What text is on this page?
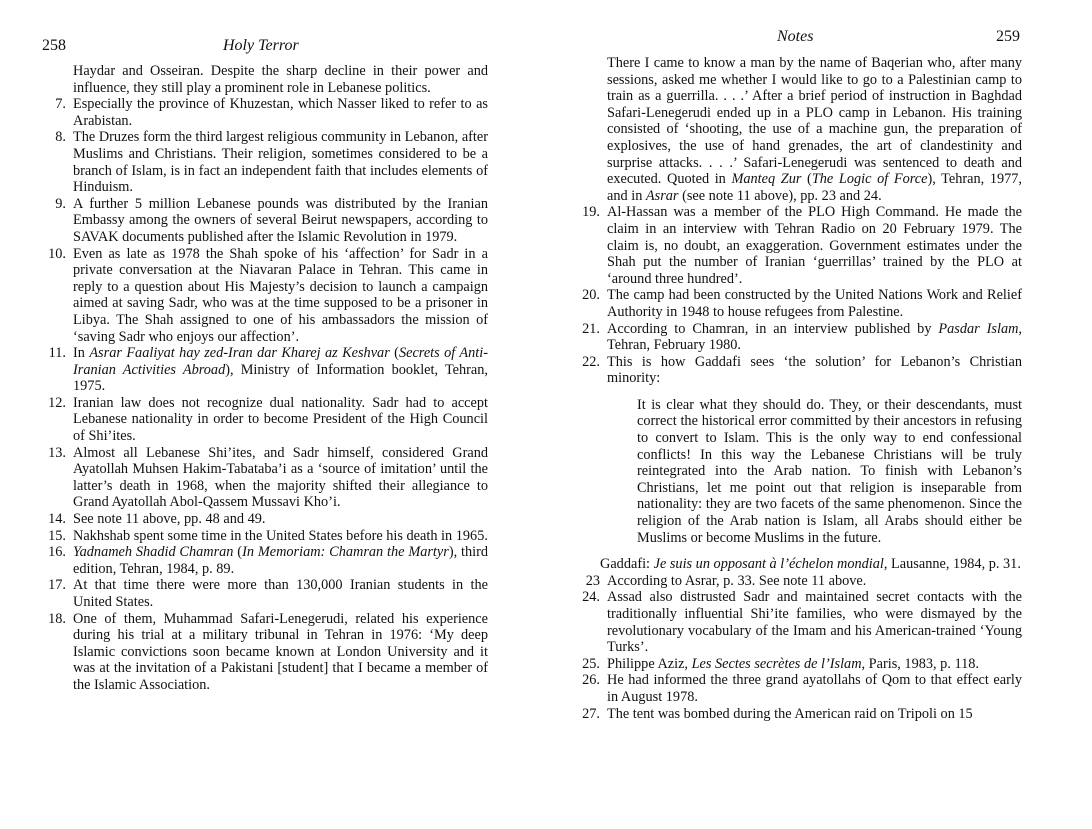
258	Holy Terror

Haydar and Osseiran. Despite the sharp decline in their power and influence, they still play a prominent role in Lebanese politics.

7. Especially the province of Khuzestan, which Nasser liked to refer to as Arabistan.

8. The Druzes form the third largest religious community in Lebanon, after Muslims and Christians. Their religion, sometimes considered to be a branch of Islam, is in fact an independent faith that includes elements of Hinduism.

9. A further 5 million Lebanese pounds was distributed by the Iranian Embassy among the owners of several Beirut newspapers, according to SAVAK documents published after the Islamic Revolution in 1979.

10. Even as late as 1978 the Shah spoke of his ‘affection’ for Sadr in a private conversation at the Niavaran Palace in Tehran. This came in reply to a question about His Majesty’s decision to launch a campaign aimed at saving Sadr, who was at the time supposed to be a prisoner in Libya. The Shah assigned to one of his ambassadors the mission of ‘saving Sadr who enjoys our affection’.

11. In Asrar Faaliyat hay zed-Iran dar Kharej az Keshvar (Secrets of Anti-Iranian Activities Abroad), Ministry of Information booklet, Tehran, 1975.

12. Iranian law does not recognize dual nationality. Sadr had to accept Lebanese nationality in order to become President of the High Council of Shi’ites.

13. Almost all Lebanese Shi’ites, and Sadr himself, considered Grand Ayatollah Muhsen Hakim-Tabataba’i as a ‘source of imitation’ until the latter’s death in 1968, when the majority shifted their allegiance to Grand Ayatollah Abol-Qassem Mussavi Kho’i.

14. See note 11 above, pp. 48 and 49.

15. Nakhshab spent some time in the United States before his death in 1965.

16. Yadnameh Shadid Chamran (In Memoriam: Chamran the Martyr), third edition, Tehran, 1984, p. 89.

17. At that time there were more than 130,000 Iranian students in the United States.

18. One of them, Muhammad Safari-Lenegerudi, related his experience during his trial at a military tribunal in Tehran in 1976: ‘My deep Islamic convictions soon became known at London University and it was at the invitation of a Pakistani [student] that I became a member of the Islamic Association.

Notes	259

There I came to know a man by the name of Baqerian who, after many sessions, asked me whether I would like to go to a Palestinian camp to train as a guerrilla. . . .’ After a brief period of instruction in Baghdad Safari-Lenegerudi ended up in a PLO camp in Lebanon. His training consisted of ‘shooting, the use of a machine gun, the preparation of explosives, the use of hand grenades, the art of clandestinity and surprise attacks. . . .’ Safari-Lenegerudi was sentenced to death and executed. Quoted in Manteq Zur (The Logic of Force), Tehran, 1977, and in Asrar (see note 11 above), pp. 23 and 24.

19. Al-Hassan was a member of the PLO High Command. He made the claim in an interview with Tehran Radio on 20 February 1979. The claim is, no doubt, an exaggeration. Government estimates under the Shah put the number of Iranian ‘guerrillas’ trained by the PLO at ‘around three hundred’.

20. The camp had been constructed by the United Nations Work and Relief Authority in 1948 to house refugees from Palestine.

21. According to Chamran, in an interview published by Pasdar Islam, Tehran, February 1980.

22. This is how Gaddafi sees ‘the solution’ for Lebanon’s Christian minority:

It is clear what they should do. They, or their descendants, must correct the historical error committed by their ancestors in refusing to convert to Islam. This is the only way to end confessional conflicts! In this way the Lebanese Christians will be truly reintegrated into the Arab nation. To finish with Lebanon’s Christians, let me point out that religion is inseparable from nationality: they are two facets of the same phenomenon. Since the religion of the Arab nation is Islam, all Arabs should either be Muslims or become Muslims in the future.

Gaddafi: Je suis un opposant à l’échelon mondial, Lausanne, 1984, p. 31.

23 According to Asrar, p. 33. See note 11 above.

24. Assad also distrusted Sadr and maintained secret contacts with the traditionally influential Shi’ite families, who were dismayed by the revolutionary vocabulary of the Imam and his American-trained ‘Young Turks’.

25. Philippe Aziz, Les Sectes secrètes de l’Islam, Paris, 1983, p. 118.

26. He had informed the three grand ayatollahs of Qom to that effect early in August 1978.

27. The tent was bombed during the American raid on Tripoli on 15
